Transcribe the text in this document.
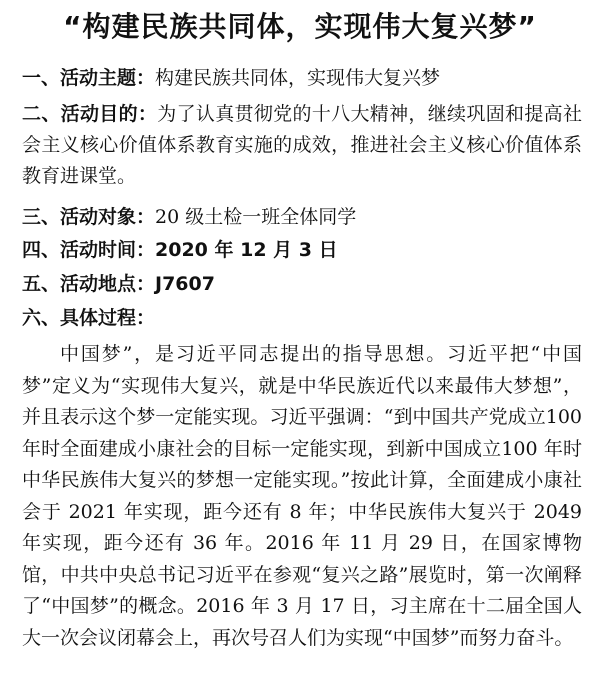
“构建民族共同体，实现伟大复兴梦”
一、活动主题：构建民族共同体，实现伟大复兴梦
二、活动目的：为了认真贯彻党的十八大精神，继续巩固和提高社会主义核心价值体系教育实施的成效，推进社会主义核心价值体系教育进课堂。
三、活动对象：20 级土检一班全体同学
四、活动时间：2020 年 12 月 3 日
五、活动地点：J7607
六、具体过程：
中国梦”，是习近平同志提出的指导思想。习近平把“中国梦”定义为“实现伟大复兴，就是中华民族近代以来最伟大梦想”，并且表示这个梦一定能实现。习近平强调：“到中国共产党成立100 年时全面建成小康社会的目标一定能实现，到新中国成立100 年时中华民族伟大复兴的梦想一定能实现。”按此计算，全面建成小康社会于 2021 年实现，距今还有 8 年；中华民族伟大复兴于 2049 年实现，距今还有 36 年。2016 年 11 月 29 日，在国家博物馆，中共中央总书记习近平在参观“复兴之路”展览时，第一次阐释了“中国梦”的概念。2016 年 3 月 17 日，习主席在十二届全国人大一次会议闭幕会上，再次号召人们为实现“中国梦”而努力奋斗。
